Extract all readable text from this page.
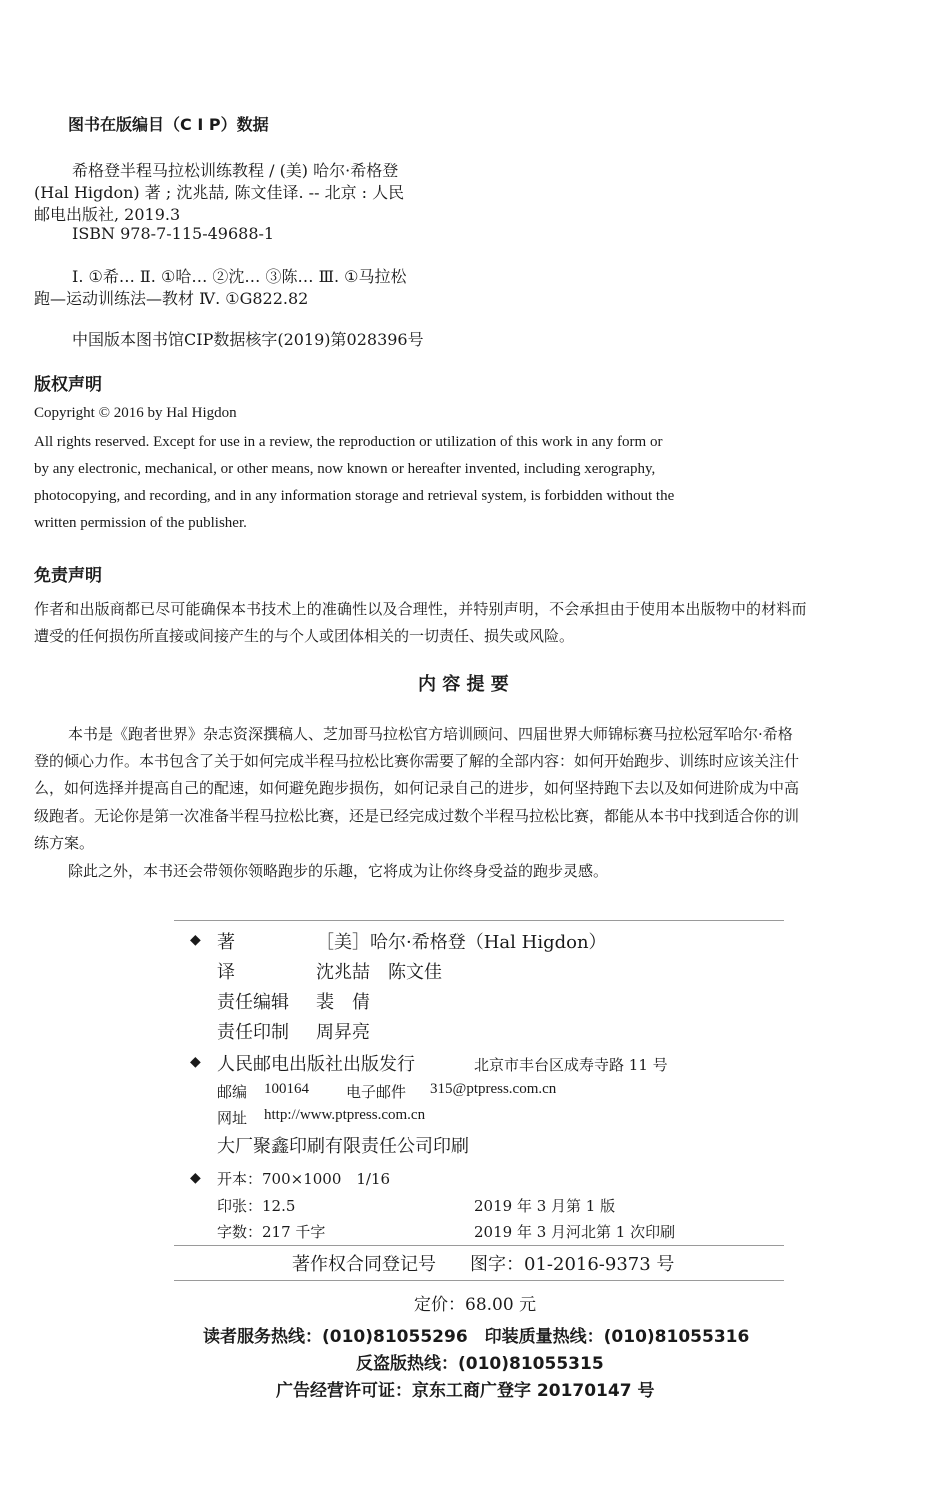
图书在版编目（C I P）数据
希格登半程马拉松训练教程 / (美) 哈尔·希格登
(Hal Higdon) 著 ; 沈兆喆, 陈文佳译. -- 北京 : 人民
邮电出版社, 2019.3
ISBN 978-7-115-49688-1
Ⅰ. ①希… Ⅱ. ①哈… ②沈… ③陈… Ⅲ. ①马拉松
跑—运动训练法—教材 Ⅳ. ①G822.82
中国版本图书馆CIP数据核字(2019)第028396号
版权声明
Copyright © 2016 by Hal Higdon
All rights reserved. Except for use in a review, the reproduction or utilization of this work in any form or
by any electronic, mechanical, or other means, now known or hereafter invented, including xerography,
photocopying, and recording, and in any information storage and retrieval system, is forbidden without the
written permission of the publisher.
免责声明
作者和出版商都已尽可能确保本书技术上的准确性以及合理性，并特别声明，不会承担由于使用本出版物中的材料而
遭受的任何损伤所直接或间接产生的与个人或团体相关的一切责任、损失或风险。
内 容 提 要
本书是《跑者世界》杂志资深撰稿人、芝加哥马拉松官方培训顾问、四届世界大师锦标赛马拉松冠军哈尔·希格
登的倾心力作。本书包含了关于如何完成半程马拉松比赛你需要了解的全部内容：如何开始跑步、训练时应该关注什
么，如何选择并提高自己的配速，如何避免跑步损伤，如何记录自己的进步，如何坚持跑下去以及如何进阶成为中高
级跑者。无论你是第一次准备半程马拉松比赛，还是已经完成过数个半程马拉松比赛，都能从本书中找到适合你的训
练方案。
除此之外，本书还会带领你领略跑步的乐趣，它将成为让你终身受益的跑步灵感。
◆ 著	［美］哈尔·希格登（Hal Higdon）
译	沈兆喆　陈文佳
责任编辑 裴　倩
责任印制 周昇亮
◆ 人民邮电出版社出版发行	北京市丰台区成寿寺路 11 号
邮编 100164 电子邮件 315@ptpress.com.cn
网址 http://www.ptpress.com.cn
大厂聚鑫印刷有限责任公司印刷
◆ 开本：700×1000　1/16
印张：12.5	2019 年 3 月第 1 版
字数：217 千字	2019 年 3 月河北第 1 次印刷
著作权合同登记号 图字：01-2016-9373 号
定价：68.00 元
读者服务热线：(010)81055296　印装质量热线：(010)81055316
反盗版热线：(010)81055315
广告经营许可证：京东工商广登字 20170147 号
